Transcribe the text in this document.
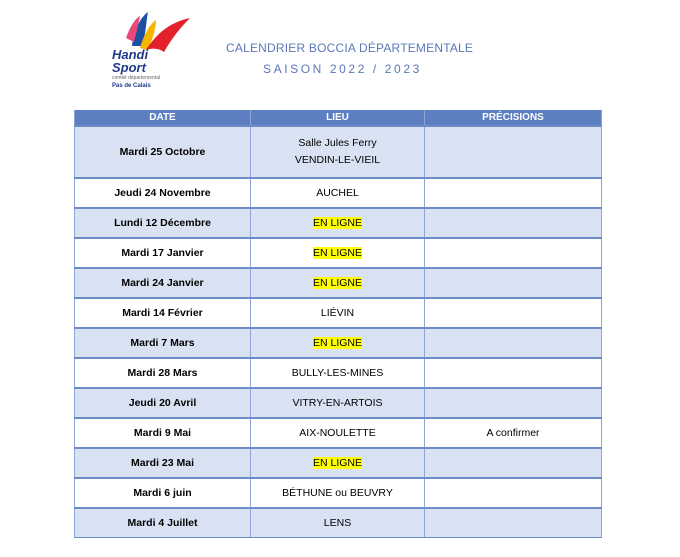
Handi
Sport
comité départemental
Pas de Calais
CALENDRIER BOCCIA DÉPARTEMENTALE
SAISON 2022 / 2023
DATE	LIEU	PRÉCISIONS
Mardi 25 Octobre	Salle Jules Ferry
VENDIN-LE-VIEIL	

Jeudi 24 Novembre	AUCHEL	
Lundi 12 Décembre	EN LIGNE	
Mardi 17 Janvier	EN LIGNE	
Mardi 24 Janvier	EN LIGNE	
Mardi 14 Février	LIÉVIN	
Mardi 7 Mars	EN LIGNE	
Mardi 28 Mars	BULLY-LES-MINES	
Jeudi 20 Avril	VITRY-EN-ARTOIS	
Mardi 9 Mai	AIX-NOULETTE	A confirmer
Mardi 23 Mai	EN LIGNE	
Mardi 6 juin	BÉTHUNE ou BEUVRY	
Mardi 4 Juillet	LENS	
